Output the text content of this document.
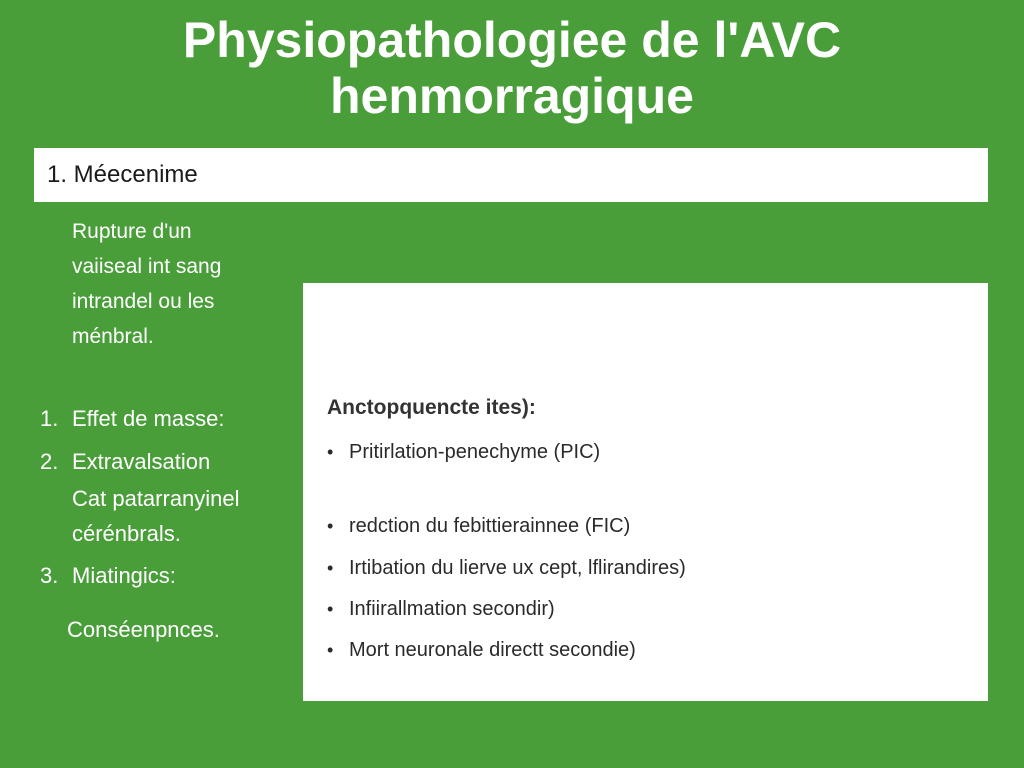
Physiopathologiee de l'AVC
henmorragique
1. Méecenime
Rupture d'un
vaiiseal int sang
intrandel ou les
ménbral.
1. Effet de masse:
2. Extravalsation
Cat patarranyinel
cérénbrals.
3. Miatingics:
Conséenpnces.
Anctopquencte ites):
• Pritirlation-penechyme (PIC)
• redction du febittierainnee (FIC)
• Irtibation du lierve ux cept, lflirandires)
• Infiirallmation secondir)
• Mort neuronale directt secondie)
